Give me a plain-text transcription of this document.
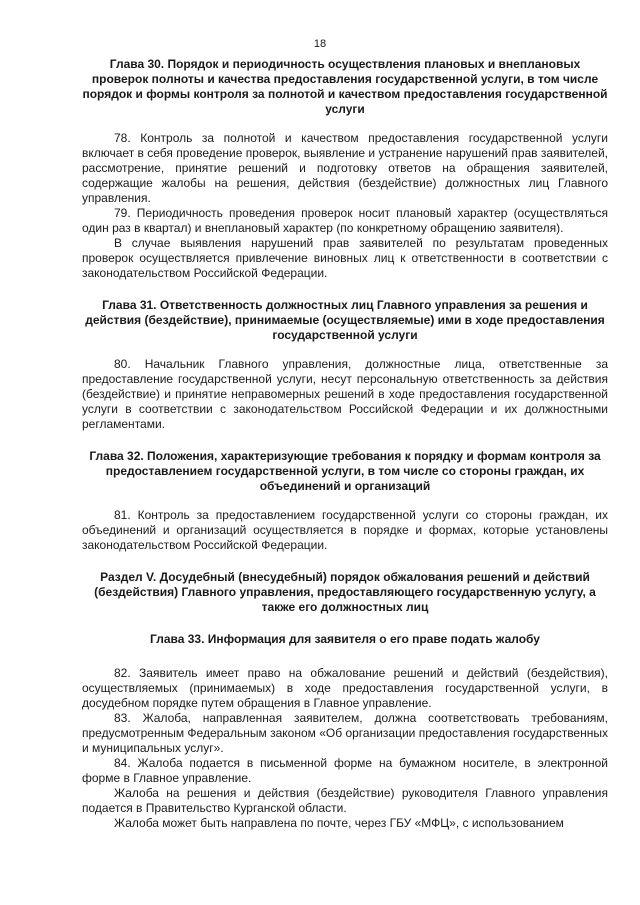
18

Глава 30. Порядок и периодичность осуществления плановых и внеплановых проверок полноты и качества предоставления государственной услуги, в том числе порядок и формы контроля за полнотой и качеством предоставления государственной услуги

78. Контроль за полнотой и качеством предоставления государственной услуги включает в себя проведение проверок, выявление и устранение нарушений прав заявителей, рассмотрение, принятие решений и подготовку ответов на обращения заявителей, содержащие жалобы на решения, действия (бездействие) должностных лиц Главного управления.

79. Периодичность проведения проверок носит плановый характер (осуществляться один раз в квартал) и внеплановый характер (по конкретному обращению заявителя).

В случае выявления нарушений прав заявителей по результатам проведенных проверок осуществляется привлечение виновных лиц к ответственности в соответствии с законодательством Российской Федерации.

Глава 31. Ответственность должностных лиц Главного управления за решения и действия (бездействие), принимаемые (осуществляемые) ими в ходе предоставления государственной услуги

80. Начальник Главного управления, должностные лица, ответственные за предоставление государственной услуги, несут персональную ответственность за действия (бездействие) и принятие неправомерных решений в ходе предоставления государственной услуги в соответствии с законодательством Российской Федерации и их должностными регламентами.

Глава 32. Положения, характеризующие требования к порядку и формам контроля за предоставлением государственной услуги, в том числе со стороны граждан, их объединений и организаций

81. Контроль за предоставлением государственной услуги со стороны граждан, их объединений и организаций осуществляется в порядке и формах, которые установлены законодательством Российской Федерации.

Раздел V. Досудебный (внесудебный) порядок обжалования решений и действий (бездействия) Главного управления, предоставляющего государственную услугу, а также его должностных лиц

Глава 33. Информация для заявителя о его праве подать жалобу

82. Заявитель имеет право на обжалование решений и действий (бездействия), осуществляемых (принимаемых) в ходе предоставления государственной услуги, в досудебном порядке путем обращения в Главное управление.

83. Жалоба, направленная заявителем, должна соответствовать требованиям, предусмотренным Федеральным законом «Об организации предоставления государственных и муниципальных услуг».

84. Жалоба подается в письменной форме на бумажном носителе, в электронной форме в Главное управление.

Жалоба на решения и действия (бездействие) руководителя Главного управления подается в Правительство Курганской области.

Жалоба может быть направлена по почте, через ГБУ «МФЦ», с использованием
